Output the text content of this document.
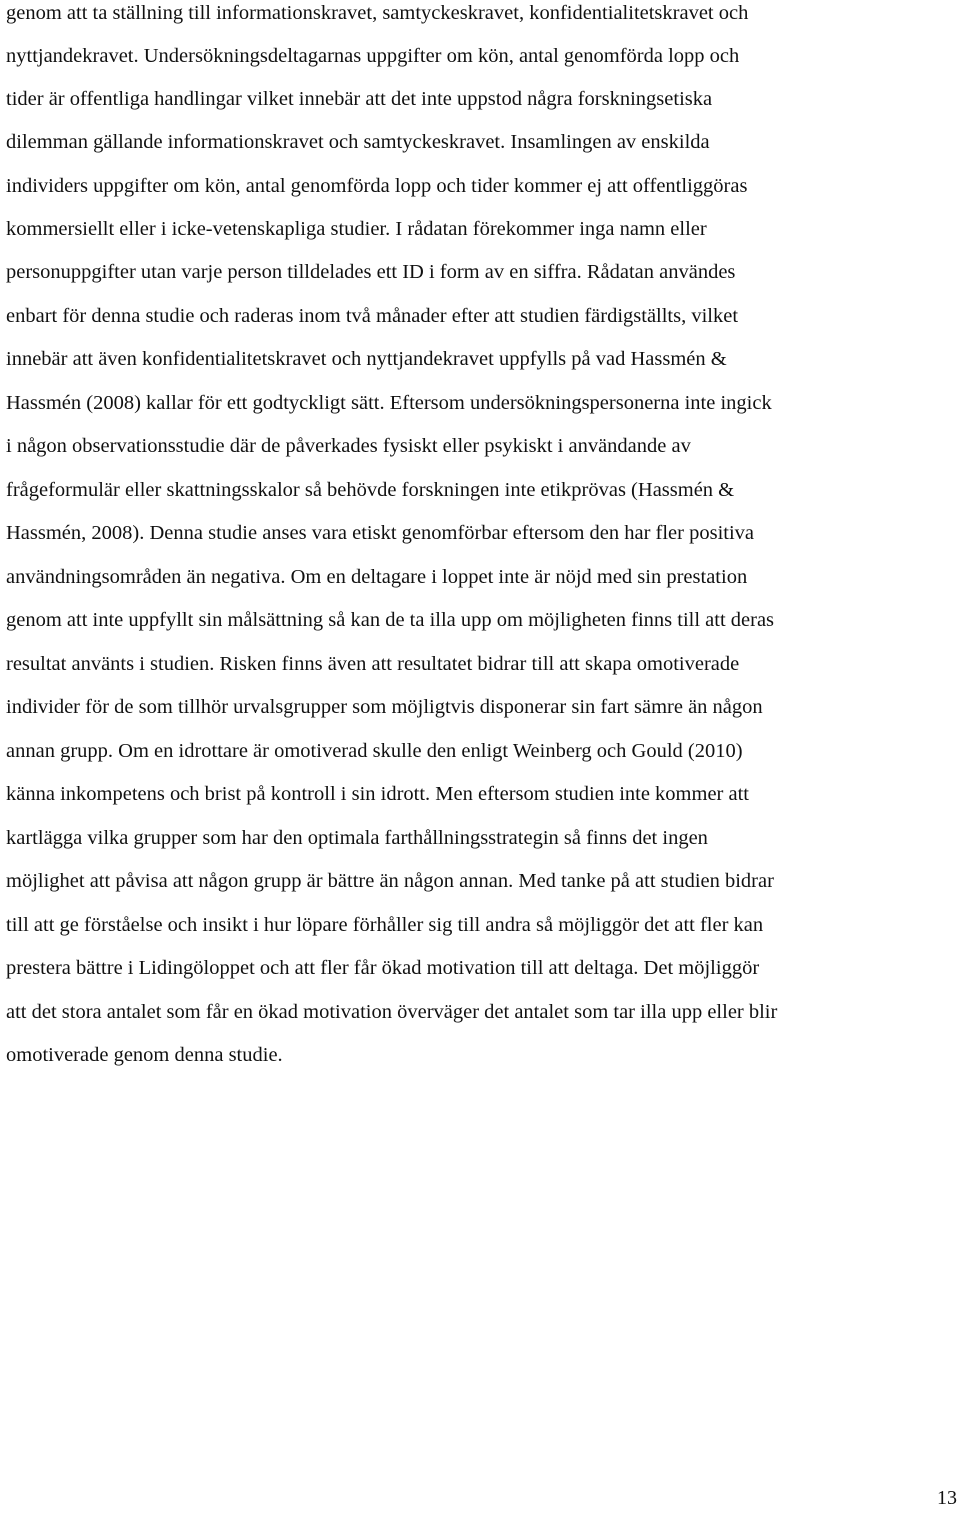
genom att ta ställning till informationskravet, samtyckeskravet, konfidentialitetskravet och
nyttjandekravet. Undersökningsdeltagarnas uppgifter om kön, antal genomförda lopp och
tider är offentliga handlingar vilket innebär att det inte uppstod några forskningsetiska
dilemman gällande informationskravet och samtyckeskravet. Insamlingen av enskilda
individers uppgifter om kön, antal genomförda lopp och tider kommer ej att offentliggöras
kommersiellt eller i icke-vetenskapliga studier. I rådatan förekommer inga namn eller
personuppgifter utan varje person tilldelades ett ID i form av en siffra. Rådatan användes
enbart för denna studie och raderas inom två månader efter att studien färdigställts, vilket
innebär att även konfidentialitetskravet och nyttjandekravet uppfylls på vad Hassmén &
Hassmén (2008) kallar för ett godtyckligt sätt. Eftersom undersökningspersonerna inte ingick
i någon observationsstudie där de påverkades fysiskt eller psykiskt i användande av
frågeformulär eller skattningsskalor så behövde forskningen inte etikprövas (Hassmén &
Hassmén, 2008). Denna studie anses vara etiskt genomförbar eftersom den har fler positiva
användningsområden än negativa. Om en deltagare i loppet inte är nöjd med sin prestation
genom att inte uppfyllt sin målsättning så kan de ta illa upp om möjligheten finns till att deras
resultat använts i studien. Risken finns även att resultatet bidrar till att skapa omotiverade
individer för de som tillhör urvalsgrupper som möjligtvis disponerar sin fart sämre än någon
annan grupp. Om en idrottare är omotiverad skulle den enligt Weinberg och Gould (2010)
känna inkompetens och brist på kontroll i sin idrott. Men eftersom studien inte kommer att
kartlägga vilka grupper som har den optimala farthållningsstrategin så finns det ingen
möjlighet att påvisa att någon grupp är bättre än någon annan. Med tanke på att studien bidrar
till att ge förståelse och insikt i hur löpare förhåller sig till andra så möjliggör det att fler kan
prestera bättre i Lidingöloppet och att fler får ökad motivation till att deltaga. Det möjliggör
att det stora antalet som får en ökad motivation överväger det antalet som tar illa upp eller blir
omotiverade genom denna studie.
13
